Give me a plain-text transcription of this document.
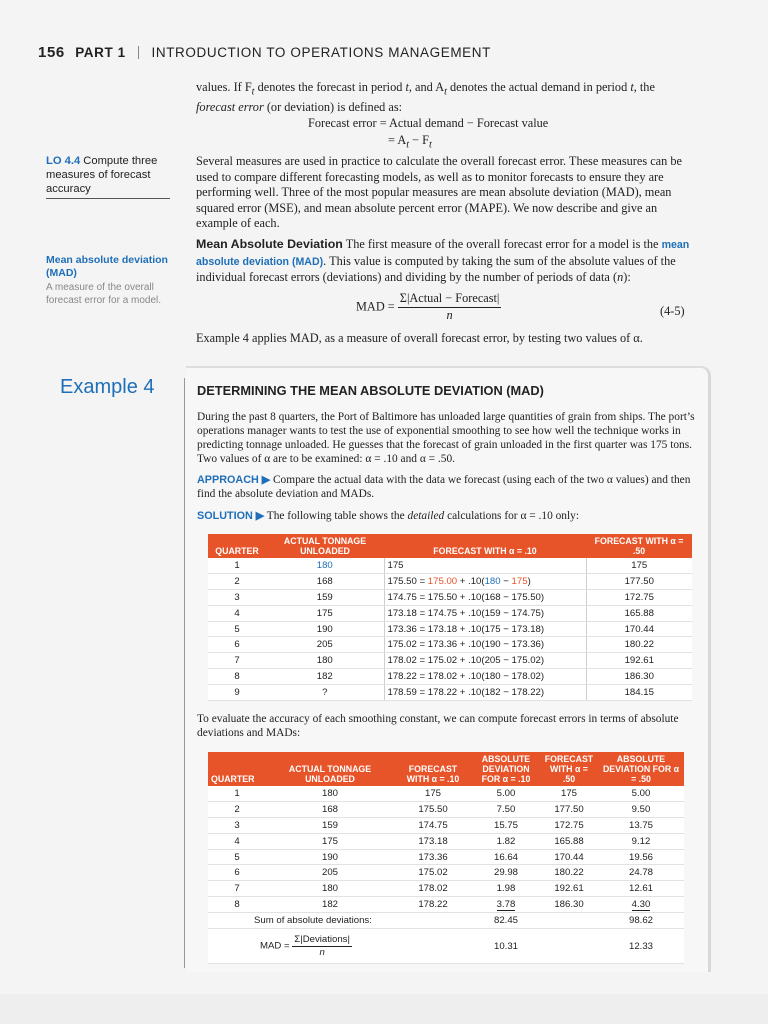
156 PART 1 INTRODUCTION TO OPERATIONS MANAGEMENT
values. If $F_t$ denotes the forecast in period t, and $A_t$ denotes the actual demand in period t, the
forecast error (or deviation) is defined as:
Forecast error = Actual demand − Forecast value
= $A_t - F_t$
LO 4.4 Compute three measures of forecast accuracy
Several measures are used in practice to calculate the overall forecast error. These measures can be used to compare different forecasting models, as well as to monitor forecasts to ensure they are performing well. Three of the most popular measures are mean absolute deviation (MAD), mean squared error (MSE), and mean absolute percent error (MAPE). We now describe and give an example of each.
Mean Absolute Deviation The first measure of the overall forecast error for a model is the mean absolute deviation (MAD). This value is computed by taking the sum of the absolute values of the individual forecast errors (deviations) and dividing by the number of periods of data (n):
Mean absolute deviation (MAD)
A measure of the overall forecast error for a model.	MAD = $\frac{\text{Σ|Actual − Forecast|}}{n}$	(4-5)
Example 4 applies MAD, as a measure of overall forecast error, by testing two values of α.
Example 4	DETERMINING THE MEAN ABSOLUTE DEVIATION (MAD)
During the past 8 quarters, the Port of Baltimore has unloaded large quantities of grain from ships. The port’s operations manager wants to test the use of exponential smoothing to see how well the technique works in predicting tonnage unloaded. He guesses that the forecast of grain unloaded in the first quarter was 175 tons. Two values of α are to be examined: α = .10 and α = .50.
APPROACH ▶ Compare the actual data with the data we forecast (using each of the two α values) and then find the absolute deviation and MADs.
SOLUTION ▶ The following table shows the detailed calculations for α = .10 only:
QUARTER	ACTUAL TONNAGE UNLOADED	FORECAST WITH α = .10	FORECAST WITH α = .50
1	180	175	175
2	168	175.50 = 175.00 + .10(180 − 175)	177.50
3	159	174.75 = 175.50 + .10(168 − 175.50)	172.75
4	175	173.18 = 174.75 + .10(159 − 174.75)	165.88
5	190	173.36 = 173.18 + .10(175 − 173.18)	170.44
6	205	175.02 = 173.36 + .10(190 − 173.36)	180.22
7	180	178.02 = 175.02 + .10(205 − 175.02)	192.61
8	182	178.22 = 178.02 + .10(180 − 178.02)	186.30
9	?	178.59 = 178.22 + .10(182 − 178.22)	184.15
To evaluate the accuracy of each smoothing constant, we can compute forecast errors in terms of absolute deviations and MADs:
QUARTER	ACTUAL TONNAGE UNLOADED	FORECAST WITH α = .10	ABSOLUTE DEVIATION FOR α = .10	FORECAST WITH α = .50	ABSOLUTE DEVIATION FOR α = .50
1	180	175	5.00	175	5.00
2	168	175.50	7.50	177.50	9.50
3	159	174.75	15.75	172.75	13.75
4	175	173.18	1.82	165.88	9.12
5	190	173.36	16.64	170.44	19.56
6	205	175.02	29.98	180.22	24.78
7	180	178.02	1.98	192.61	12.61
8	182	178.22	3.78	186.30	4.30
Sum of absolute deviations:			82.45		98.62
MAD = $\frac{\text{Σ|Deviations|}}{n}$			10.31		12.33
